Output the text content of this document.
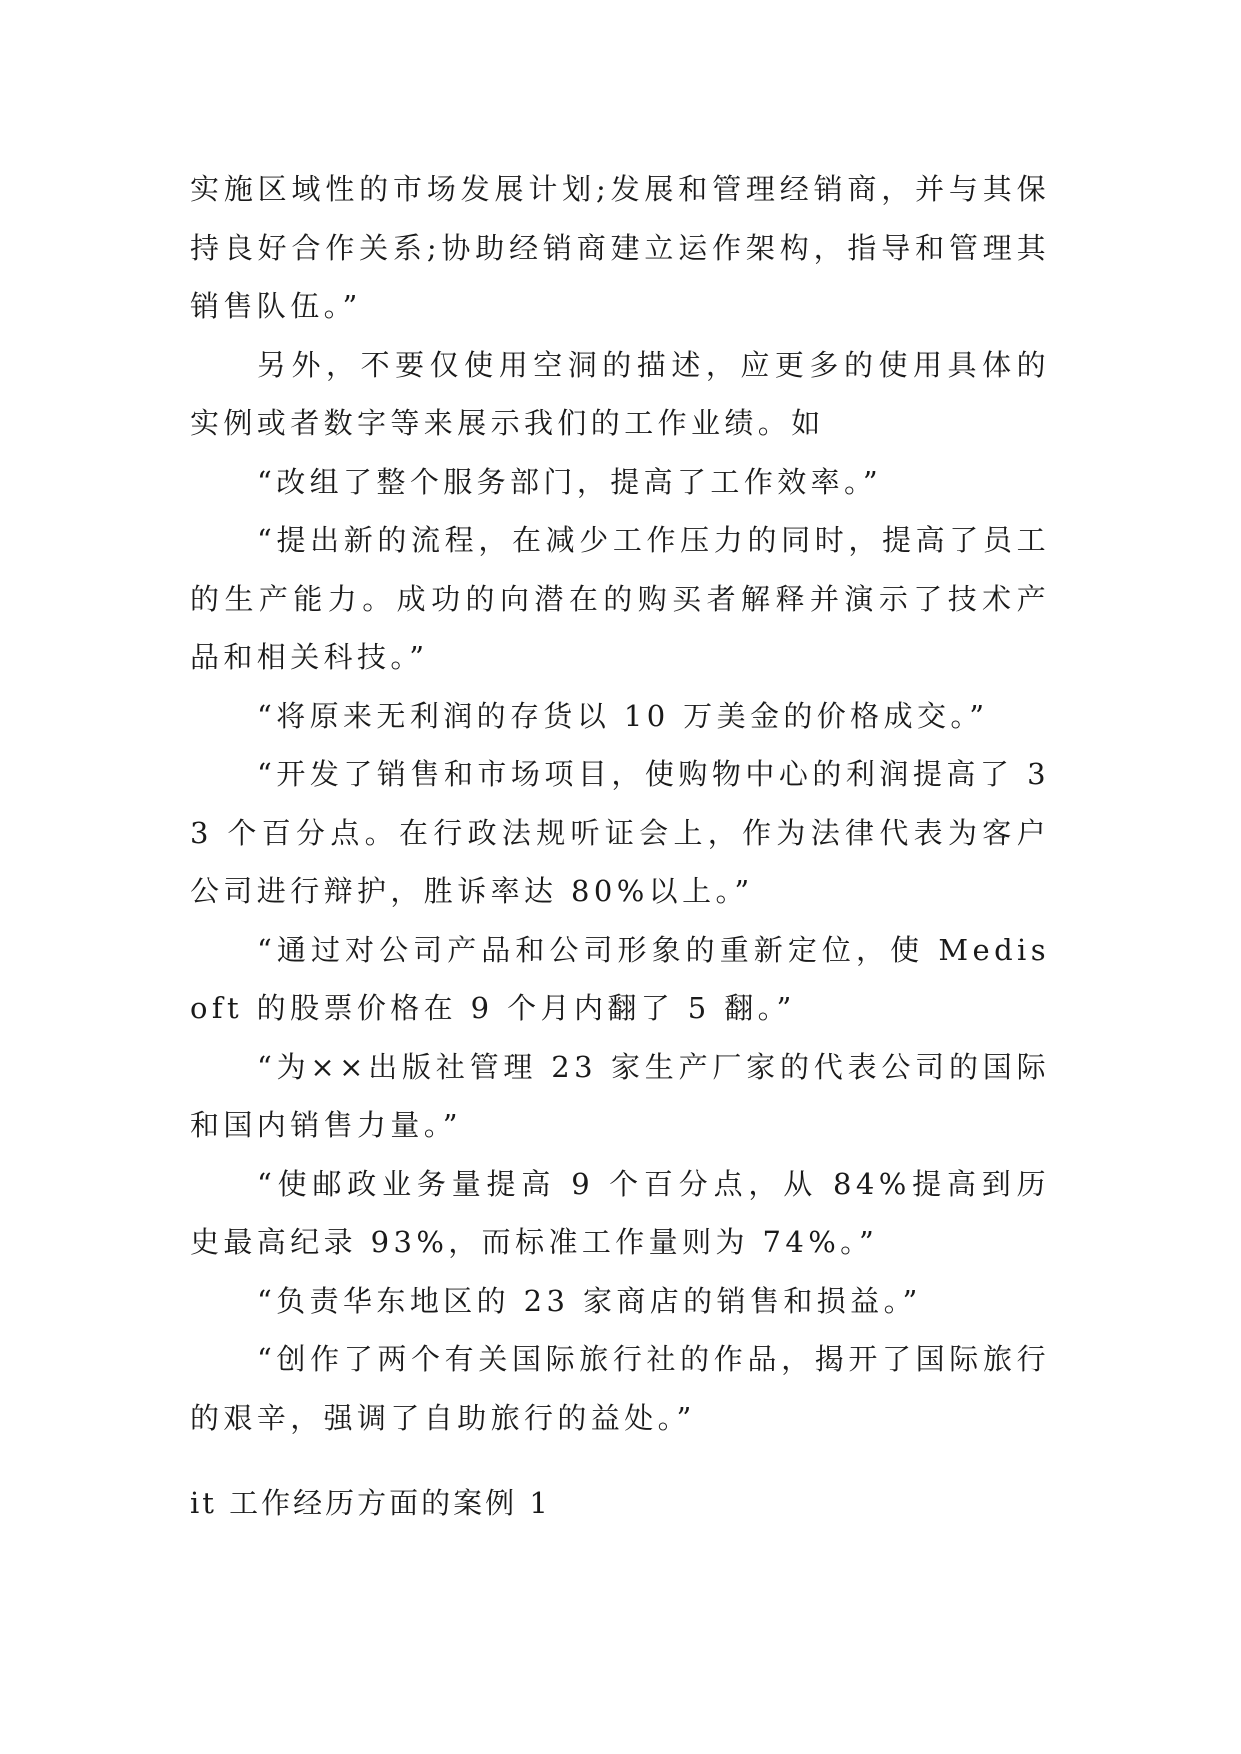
实施区域性的市场发展计划;发展和管理经销商，并与其保持良好合作关系;协助经销商建立运作架构，指导和管理其销售队伍。”

另外，不要仅使用空洞的描述，应更多的使用具体的实例或者数字等来展示我们的工作业绩。如

“改组了整个服务部门，提高了工作效率。”

“提出新的流程，在减少工作压力的同时，提高了员工的生产能力。成功的向潜在的购买者解释并演示了技术产品和相关科技。”

“将原来无利润的存货以 10 万美金的价格成交。”

“开发了销售和市场项目，使购物中心的利润提高了 33 个百分点。在行政法规听证会上，作为法律代表为客户公司进行辩护，胜诉率达 80%以上。”

“通过对公司产品和公司形象的重新定位，使 Medisoft 的股票价格在 9 个月内翻了 5 翻。”

“为××出版社管理 23 家生产厂家的代表公司的国际和国内销售力量。”

“使邮政业务量提高 9 个百分点，从 84%提高到历史最高纪录 93%，而标准工作量则为 74%。”

“负责华东地区的 23 家商店的销售和损益。”

“创作了两个有关国际旅行社的作品，揭开了国际旅行的艰辛，强调了自助旅行的益处。”

it 工作经历方面的案例 1
